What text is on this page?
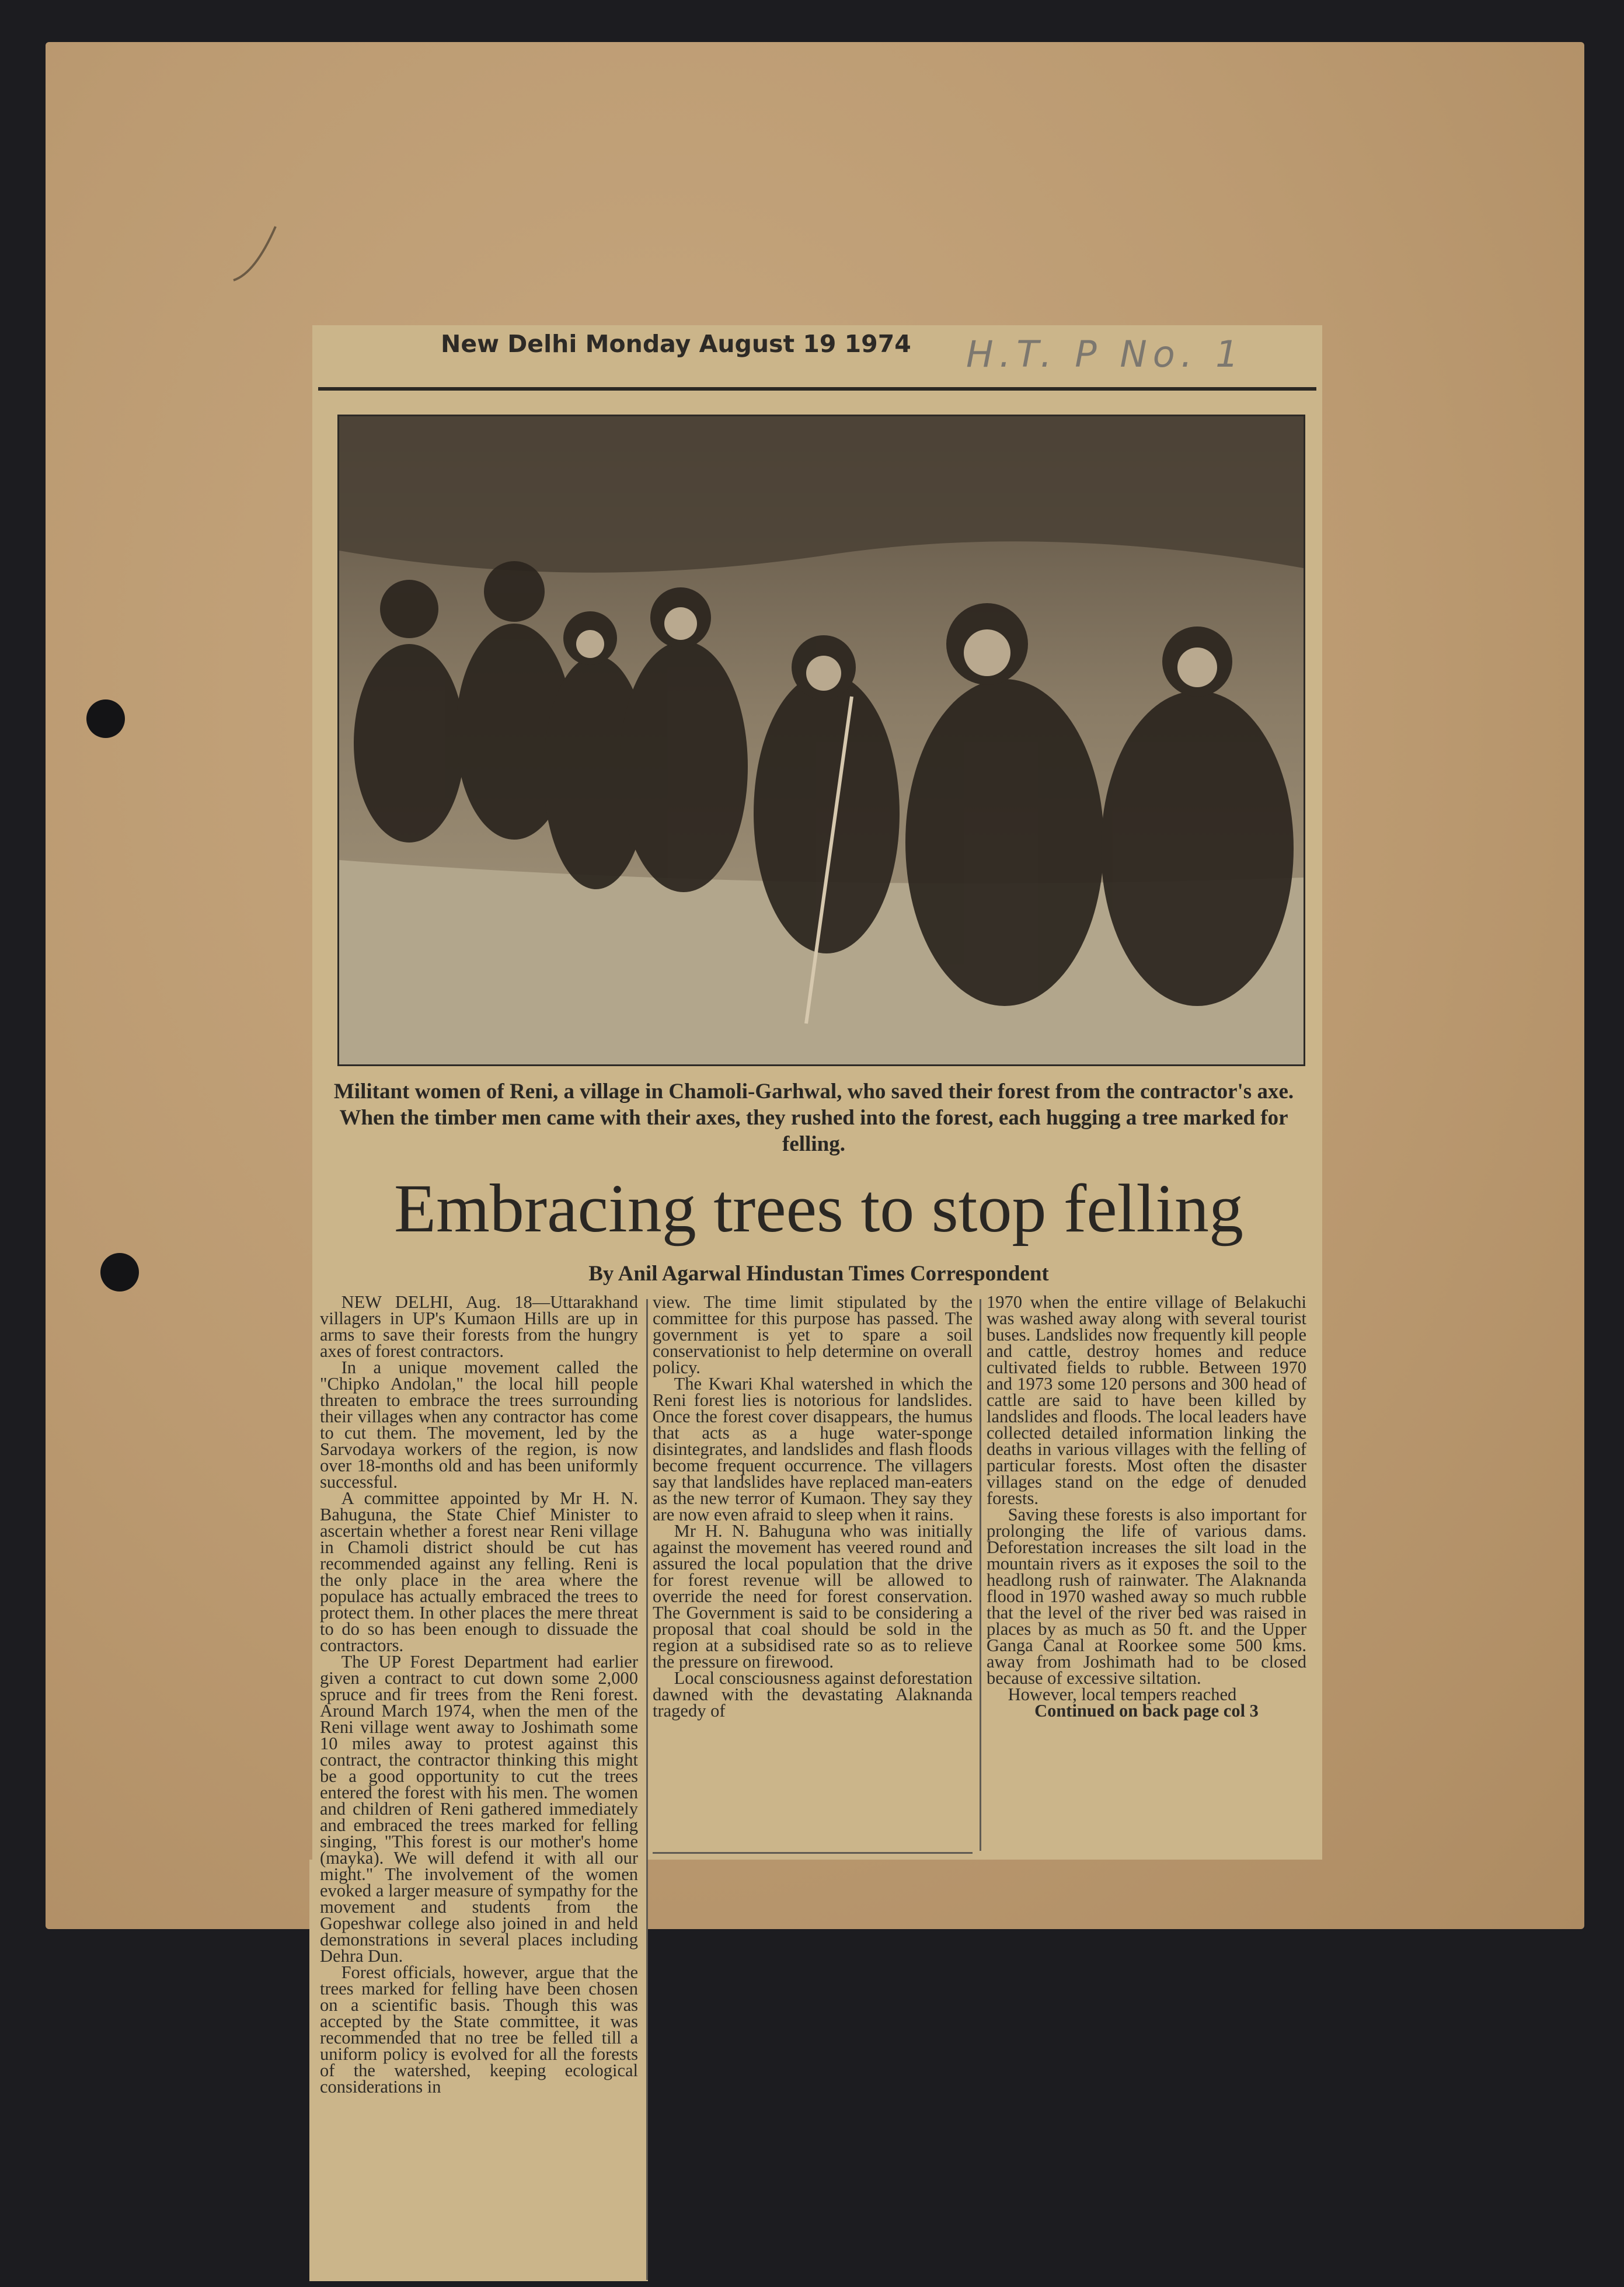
New Delhi Monday August 19 1974 H.T. P No. 1
Militant women of Reni, a village in Chamoli-Garhwal, who saved their forest from the contractor's axe. When the timber men came with their axes, they rushed into the forest, each hugging a tree marked for felling.
Embracing trees to stop felling
By Anil Agarwal Hindustan Times Correspondent

NEW DELHI, Aug. 18—Uttarakhand villagers in UP's Kumaon Hills are up in arms to save their forests from the hungry axes of forest contractors.

In a unique movement called the "Chipko Andolan," the local hill people threaten to embrace the trees surrounding their villages when any contractor has come to cut them. The movement, led by the Sarvodaya workers of the region, is now over 18-months old and has been uniformly successful.

A committee appointed by Mr H. N. Bahuguna, the State Chief Minister to ascertain whether a forest near Reni village in Chamoli district should be cut has recommended against any felling. Reni is the only place in the area where the populace has actually embraced the trees to protect them. In other places the mere threat to do so has been enough to dissuade the contractors.

The UP Forest Department had earlier given a contract to cut down some 2,000 spruce and fir trees from the Reni forest. Around March 1974, when the men of the Reni village went away to Joshimath some 10 miles away to protest against this contract, the contractor thinking this might be a good opportunity to cut the trees entered the forest with his men. The women and children of Reni gathered immediately and embraced the trees marked for felling singing, "This forest is our mother's home (mayka). We will defend it with all our might." The involvement of the women evoked a larger measure of sympathy for the movement and students from the Gopeshwar college also joined in and held demonstrations in several places including Dehra Dun.

Forest officials, however, argue that the trees marked for felling have been chosen on a scientific basis. Though this was accepted by the State committee, it was recommended that no tree be felled till a uniform policy is evolved for all the forests of the watershed, keeping ecological considerations in

view. The time limit stipulated by the committee for this purpose has passed. The government is yet to spare a soil conservationist to help determine on overall policy.

The Kwari Khal watershed in which the Reni forest lies is notorious for landslides. Once the forest cover disappears, the humus that acts as a huge water-sponge disintegrates, and landslides and flash floods become frequent occurrence. The villagers say that landslides have replaced man-eaters as the new terror of Kumaon. They say they are now even afraid to sleep when it rains.

Mr H. N. Bahuguna who was initially against the movement has veered round and assured the local population that the drive for forest revenue will be allowed to override the need for forest conservation. The Government is said to be considering a proposal that coal should be sold in the region at a subsidised rate so as to relieve the pressure on firewood.

Local consciousness against deforestation dawned with the devastating Alaknanda tragedy of

1970 when the entire village of Belakuchi was washed away along with several tourist buses. Landslides now frequently kill people and cattle, destroy homes and reduce cultivated fields to rubble. Between 1970 and 1973 some 120 persons and 300 head of cattle are said to have been killed by landslides and floods. The local leaders have collected detailed information linking the deaths in various villages with the felling of particular forests. Most often the disaster villages stand on the edge of denuded forests.

Saving these forests is also important for prolonging the life of various dams. Deforestation increases the silt load in the mountain rivers as it exposes the soil to the headlong rush of rainwater. The Alaknanda flood in 1970 washed away so much rubble that the level of the river bed was raised in places by as much as 50 ft. and the Upper Ganga Canal at Roorkee some 500 kms. away from Joshimath had to be closed because of excessive siltation.

However, local tempers reached

Continued on back page col 3
